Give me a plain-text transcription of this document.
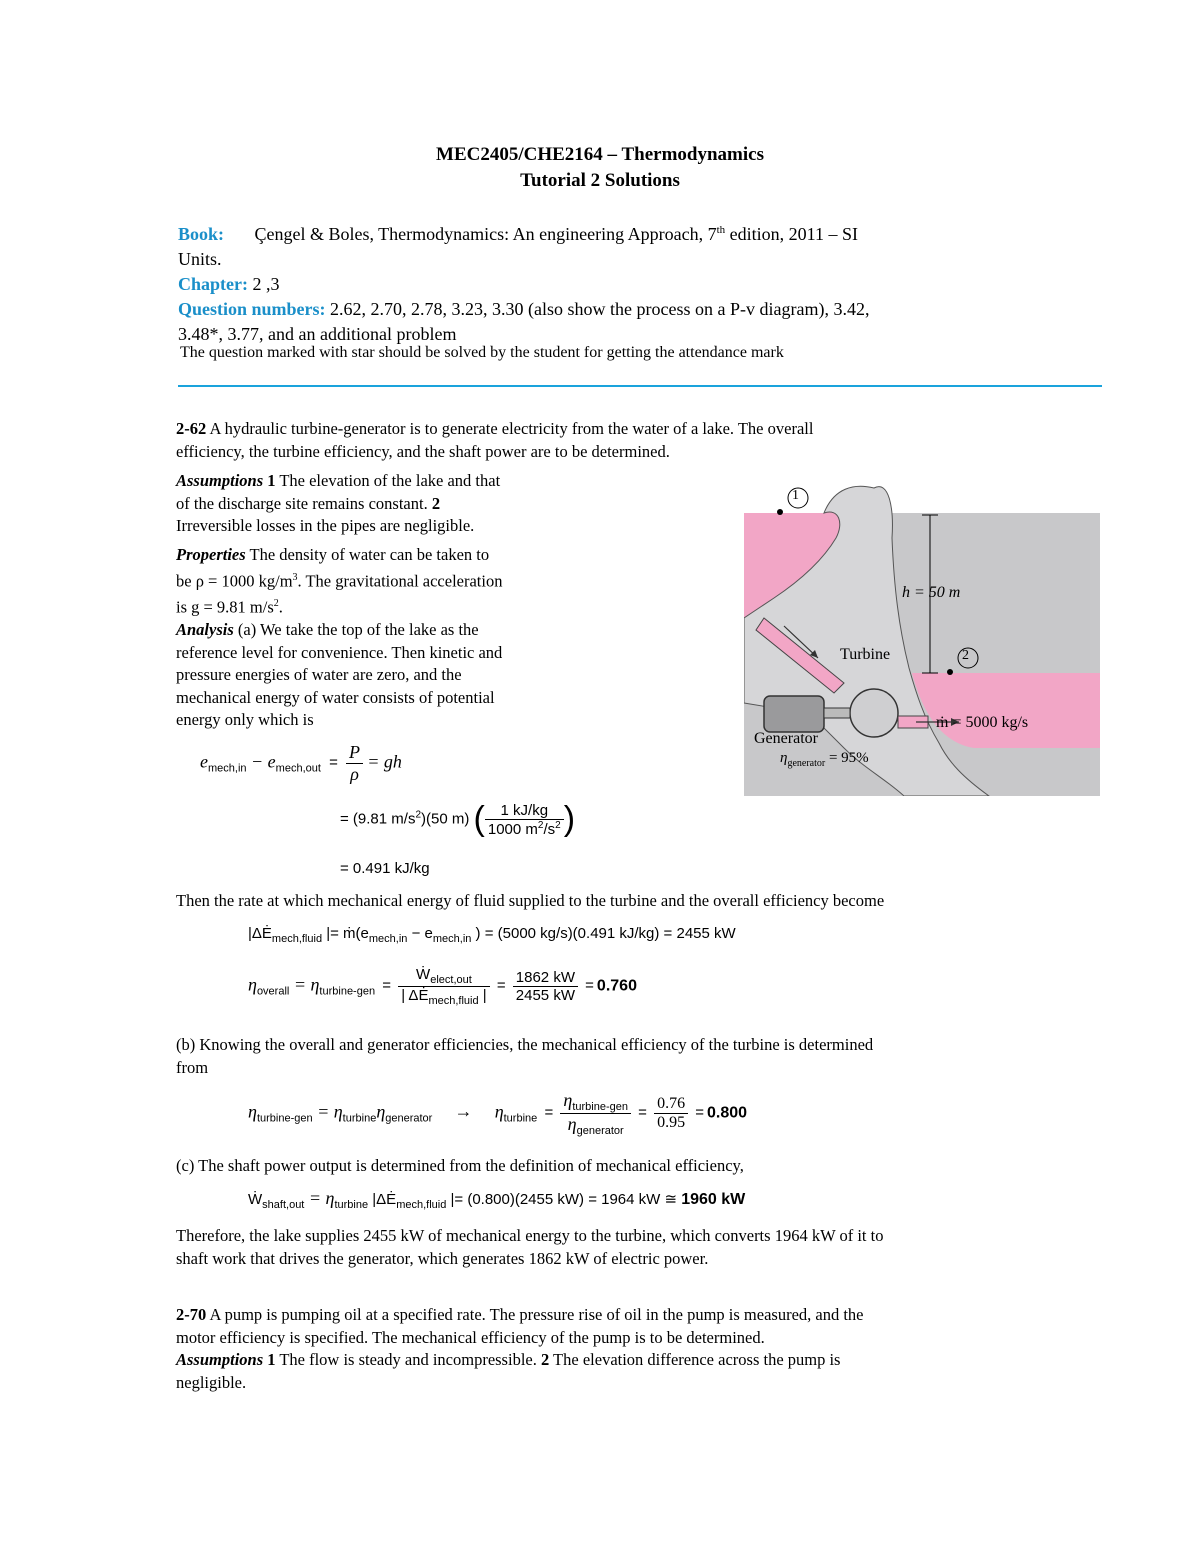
MEC2405/CHE2164 – Thermodynamics
Tutorial 2 Solutions
Book: Çengel & Boles, Thermodynamics: An engineering Approach, 7th edition, 2011 – SI
Units.
Chapter: 2 ,3
Question numbers: 2.62, 2.70, 2.78, 3.23, 3.30 (also show the process on a P-v diagram), 3.42,
3.48*, 3.77, and an additional problem
The question marked with star should be solved by the student for getting the attendance mark
2-62 A hydraulic turbine-generator is to generate electricity from the water of a lake. The overall
efficiency, the turbine efficiency, and the shaft power are to be determined.
Assumptions 1 The elevation of the lake and that
of the discharge site remains constant. 2
Irreversible losses in the pipes are negligible.
Properties The density of water can be taken to
be ρ = 1000 $kg/m^3$. The gravitational acceleration
is g = 9.81 $m/s^2$.
Analysis (a) We take the top of the lake as the
reference level for convenience. Then kinetic and
pressure energies of water are zero, and the
mechanical energy of water consists of potential
energy only which is
$e_{mech,in} - e_{mech,out} = \frac{P}{\rho}$ = gh
= (9.81 $m/s^2)(50$ m) ( $\frac{1 kJ/kg}{1000 m^2/s^2}$ )
= 0.491 kJ/kg
Then the rate at which mechanical energy of fluid supplied to the turbine and the overall efficiency become
$|\Delta Ė_{mech,fluid}$ |= $ṁ(e_{mech,in} - e_{mech,in}$ ) = (5000 kg/s)(0.491 kJ/kg) = 2455 kW
$\eta_{overall} = \eta_{turbine-gen} = \frac{Ẇ_{elect,out}}{| \Delta Ė_{mech,fluid} |} = \frac{1862 kW}{2455 kW} = 0.760$
(b) Knowing the overall and generator efficiencies, the mechanical efficiency of the turbine is determined
from
$\eta_{turbine-gen} = \eta_{turbine}\eta_{generator} \to \eta_{turbine} = \frac{\eta_{turbine-gen}}{\eta_{generator}} = \frac{0.76}{0.95} = 0.800$
(c) The shaft power output is determined from the definition of mechanical efficiency,
Ẇ$_{shaft,out}$ = $\eta_{turbine}$ $|\Delta Ė_{mech,fluid}$ |= (0.800)(2455 kW) = 1964 kW ≅ 1960 kW
Therefore, the lake supplies 2455 kW of mechanical energy to the turbine, which converts 1964 kW of it to
shaft work that drives the generator, which generates 1862 kW of electric power.
2-70 A pump is pumping oil at a specified rate. The pressure rise of oil in the pump is measured, and the
motor efficiency is specified. The mechanical efficiency of the pump is to be determined.
Assumptions 1 The flow is steady and incompressible. 2 The elevation difference across the pump is
negligible.
1
2
h = 50 m
Turbine
ṁ = 5000 kg/s
Generator
$\eta_{generator} = 95\%$
